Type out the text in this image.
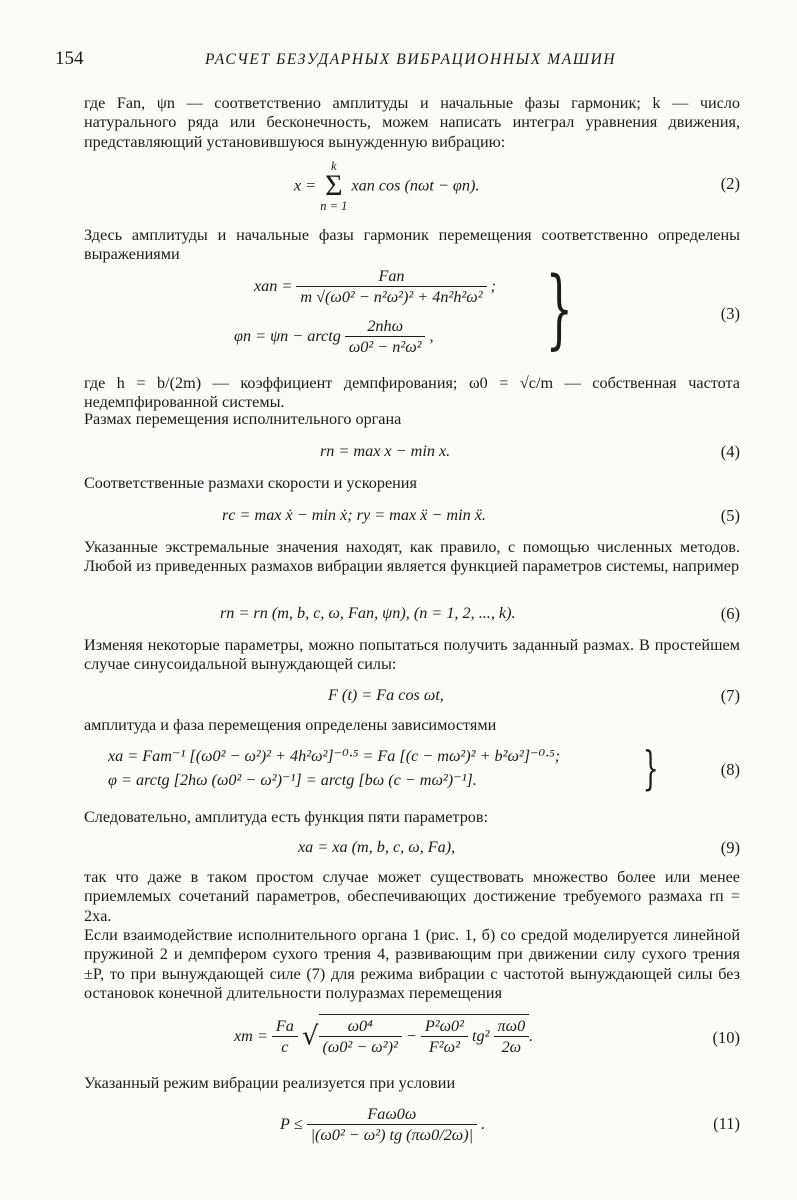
154	РАСЧЕТ БЕЗУДАРНЫХ ВИБРАЦИОННЫХ МАШИН
где Fаn, ψn — соответственио амплитуды и начальные фазы гармоник; k — число натурального ряда или бесконечность, можем написать интеграл уравнения движения, представляющий установившуюся вынужденную вибрацию:
x =
k
Σ
n = 1
xаn cos (nωt − φn).	(2)
Здесь амплитуды и начальные фазы гармоник перемещения соответственно определены выражениями
xаn = $\frac{\text{Fаn}}{\text{m √(ω0² − n²ω²)² + 4n²h²ω²}}$ ;
φn = ψn − arctg $\frac{\text{2nhω}}{\text{ω0² − n²ω²}}$ , }	(3)
где h = b/(2m) — коэффициент демпфирования; ω0 = √c/m — собственная частота недемпфированной системы.
Размах перемещения исполнительного органа
rп = max x − min x.	(4)
Соответственные размахи скорости и ускорения
rс = max ẋ − min ẋ; rу = max ẍ − min ẍ.	(5)
Указанные экстремальные значения находят, как правило, с помощью численных методов. Любой из приведенных размахов вибрации является функцией параметров системы, например
rп = rп (m, b, c, ω, Fаn, ψn), (n = 1, 2, ..., k).	(6)
Изменяя некоторые параметры, можно попытаться получить заданный размах. В простейшем случае синусоидальной вынуждающей силы:
F (t) = Fа cos ωt,	(7)
амплитуда и фаза перемещения определены зависимостями
xа = Fаm⁻¹ [(ω0² − ω²)² + 4h²ω²]⁻⁰·⁵ = Fа [(c − mω²)² + b²ω²]⁻⁰·⁵;
φ = arctg [2hω (ω0² − ω²)⁻¹] = arctg [bω (c − mω²)⁻¹].	}	(8)
Следовательно, амплитуда есть функция пяти параметров:
xа = xа (m, b, c, ω, Fа),	(9)
так что даже в таком простом случае может существовать множество более или менее приемлемых сочетаний параметров, обеспечивающих достижение требуемого размаха rп = 2xа.
Если взаимодействие исполнительного органа 1 (рис. 1, б) со средой моделируется линейной пружиной 2 и демпфером сухого трения 4, развивающим при движении силу сухого трения ±P, то при вынуждающей силе (7) для режима вибрации с частотой вынуждающей силы без остановок конечной длительности полуразмах перемещения
xm = $\frac{Fа}{c}$ √ $\frac{\text{ω0⁴}}{\text{(ω0² − ω²)²}} - \frac{\text{P²ω0²}}{\text{F²ω²}} tg^2 \frac{\pi\omega 0}{2\omega}$ .	(10)
Указанный режим вибрации реализуется при условии
$P \le \frac{\text{Fаω0ω}}{\text{|(ω0² − ω²) tg (πω0/2ω)|}}$ .	(11)
